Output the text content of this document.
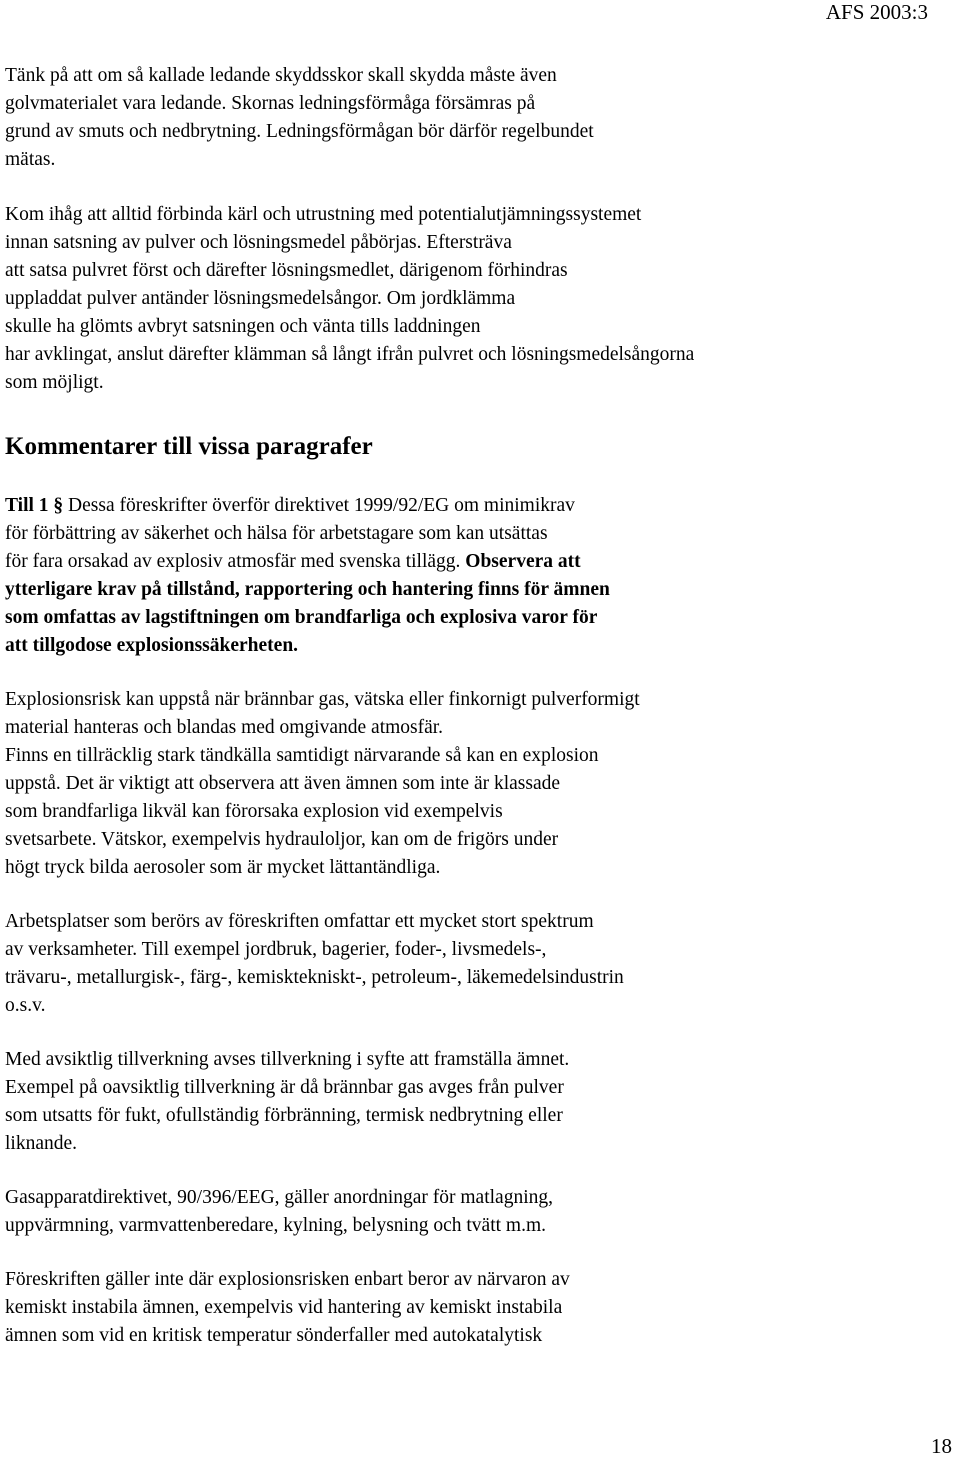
AFS 2003:3

Tänk på att om så kallade ledande skyddsskor skall skydda måste även
golvmaterialet vara ledande. Skornas ledningsförmåga försämras på
grund av smuts och nedbrytning. Ledningsförmågan bör därför regelbundet
mätas.

Kom ihåg att alltid förbinda kärl och utrustning med potentialutjämningssystemet
innan satsning av pulver och lösningsmedel påbörjas. Eftersträva
att satsa pulvret först och därefter lösningsmedlet, därigenom förhindras
uppladdat pulver antänder lösningsmedelsångor. Om jordklämma
skulle ha glömts avbryt satsningen och vänta tills laddningen
har avklingat, anslut därefter klämman så långt ifrån pulvret och lösningsmedelsångorna
som möjligt.

Kommentarer till vissa paragrafer

Till 1 § Dessa föreskrifter överför direktivet 1999/92/EG om minimikrav
för förbättring av säkerhet och hälsa för arbetstagare som kan utsättas
för fara orsakad av explosiv atmosfär med svenska tillägg. Observera att
ytterligare krav på tillstånd, rapportering och hantering finns för ämnen
som omfattas av lagstiftningen om brandfarliga och explosiva varor för
att tillgodose explosionssäkerheten.

Explosionsrisk kan uppstå när brännbar gas, vätska eller finkornigt pulverformigt
material hanteras och blandas med omgivande atmosfär.
Finns en tillräcklig stark tändkälla samtidigt närvarande så kan en explosion
uppstå. Det är viktigt att observera att även ämnen som inte är klassade
som brandfarliga likväl kan förorsaka explosion vid exempelvis
svetsarbete. Vätskor, exempelvis hydrauloljor, kan om de frigörs under
högt tryck bilda aerosoler som är mycket lättantändliga.

Arbetsplatser som berörs av föreskriften omfattar ett mycket stort spektrum
av verksamheter. Till exempel jordbruk, bagerier, foder-, livsmedels-,
trävaru-, metallurgisk-, färg-, kemisktekniskt-, petroleum-, läkemedelsindustrin
o.s.v.

Med avsiktlig tillverkning avses tillverkning i syfte att framställa ämnet.
Exempel på oavsiktlig tillverkning är då brännbar gas avges från pulver
som utsatts för fukt, ofullständig förbränning, termisk nedbrytning eller
liknande.

Gasapparatdirektivet, 90/396/EEG, gäller anordningar för matlagning,
uppvärmning, varmvattenberedare, kylning, belysning och tvätt m.m.

Föreskriften gäller inte där explosionsrisken enbart beror av närvaron av
kemiskt instabila ämnen, exempelvis vid hantering av kemiskt instabila
ämnen som vid en kritisk temperatur sönderfaller med autokatalytisk

18
